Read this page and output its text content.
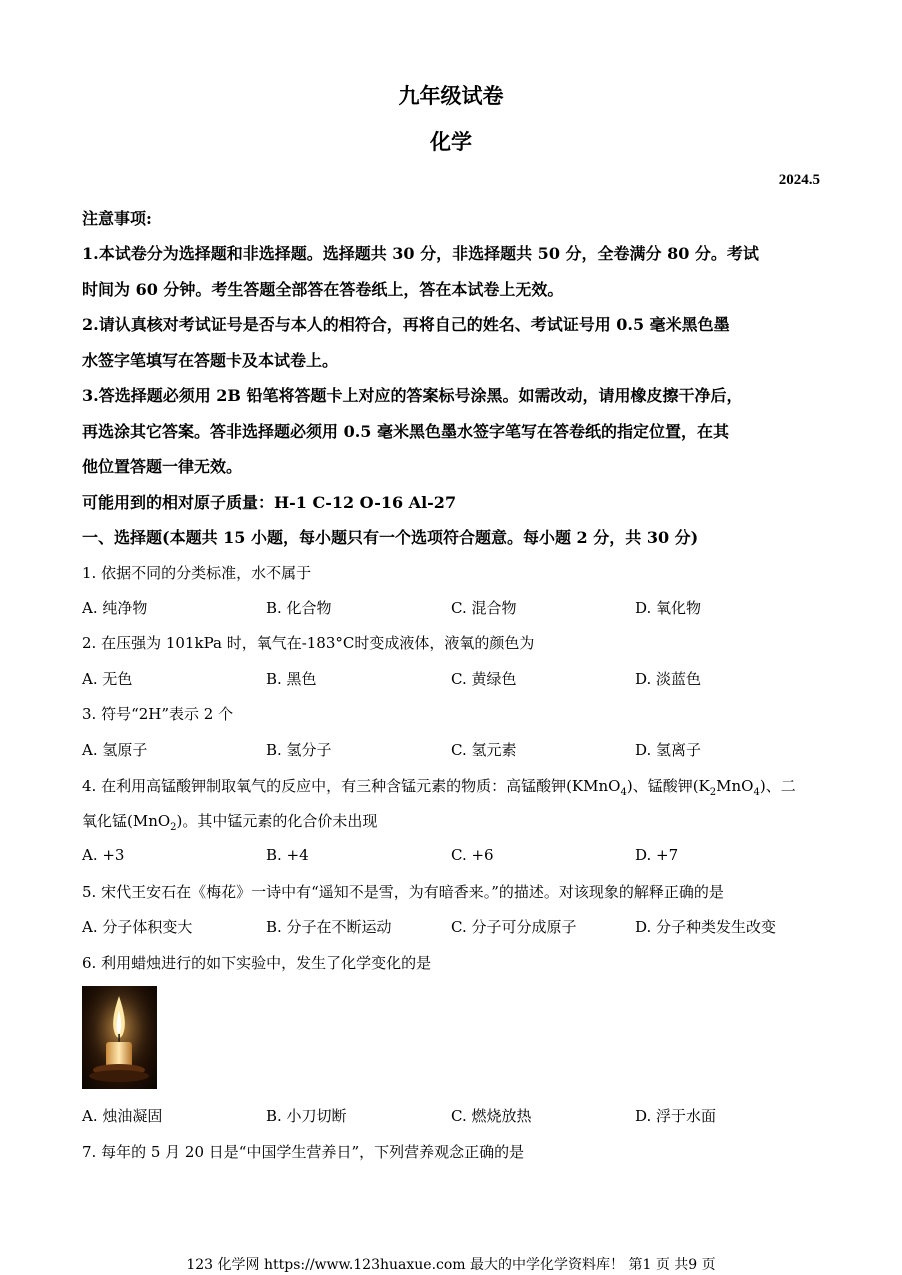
九年级试卷
化学
2024.5
注意事项:
1.本试卷分为选择题和非选择题。选择题共 30 分，非选择题共 50 分，全卷满分 80 分。考试
时间为 60 分钟。考生答题全部答在答卷纸上，答在本试卷上无效。
2.请认真核对考试证号是否与本人的相符合，再将自己的姓名、考试证号用 0.5 毫米黑色墨
水签字笔填写在答题卡及本试卷上。
3.答选择题必须用 2B 铅笔将答题卡上对应的答案标号涂黑。如需改动，请用橡皮擦干净后，
再选涂其它答案。答非选择题必须用 0.5 毫米黑色墨水签字笔写在答卷纸的指定位置，在其
他位置答题一律无效。
可能用到的相对原子质量：H-1 C-12 O-16 Al-27
一、选择题(本题共 15 小题，每小题只有一个选项符合题意。每小题 2 分，共 30 分)
1. 依据不同的分类标准，水不属于
A. 纯净物	B. 化合物	C. 混合物	D. 氧化物
2. 在压强为 101kPa 时，氧气在-183°C时变成液体，液氧的颜色为
A. 无色	B. 黑色	C. 黄绿色	D. 淡蓝色
3. 符号“2H”表示 2 个
A. 氢原子	B. 氢分子	C. 氢元素	D. 氢离子
4. 在利用高锰酸钾制取氧气的反应中，有三种含锰元素的物质：高锰酸钾(KMnO$_4$)、锰酸钾$(K_2MnO_4)$、二
氧化锰(MnO$_2$)。其中锰元素的化合价未出现
A. +3	B. +4	C. +6	D. +7
5. 宋代王安石在《梅花》一诗中有“遥知不是雪，为有暗香来。”的描述。对该现象的解释正确的是
A. 分子体积变大	B. 分子在不断运动	C. 分子可分成原子	D. 分子种类发生改变
6. 利用蜡烛进行的如下实验中，发生了化学变化的是
A. 烛油凝固	B. 小刀切断	C. 燃烧放热	D. 浮于水面
7. 每年的 5 月 20 日是“中国学生营养日”，下列营养观念正确的是
123 化学网 https://www.123huaxue.com 最大的中学化学资料库！ 第1 页 共9 页
